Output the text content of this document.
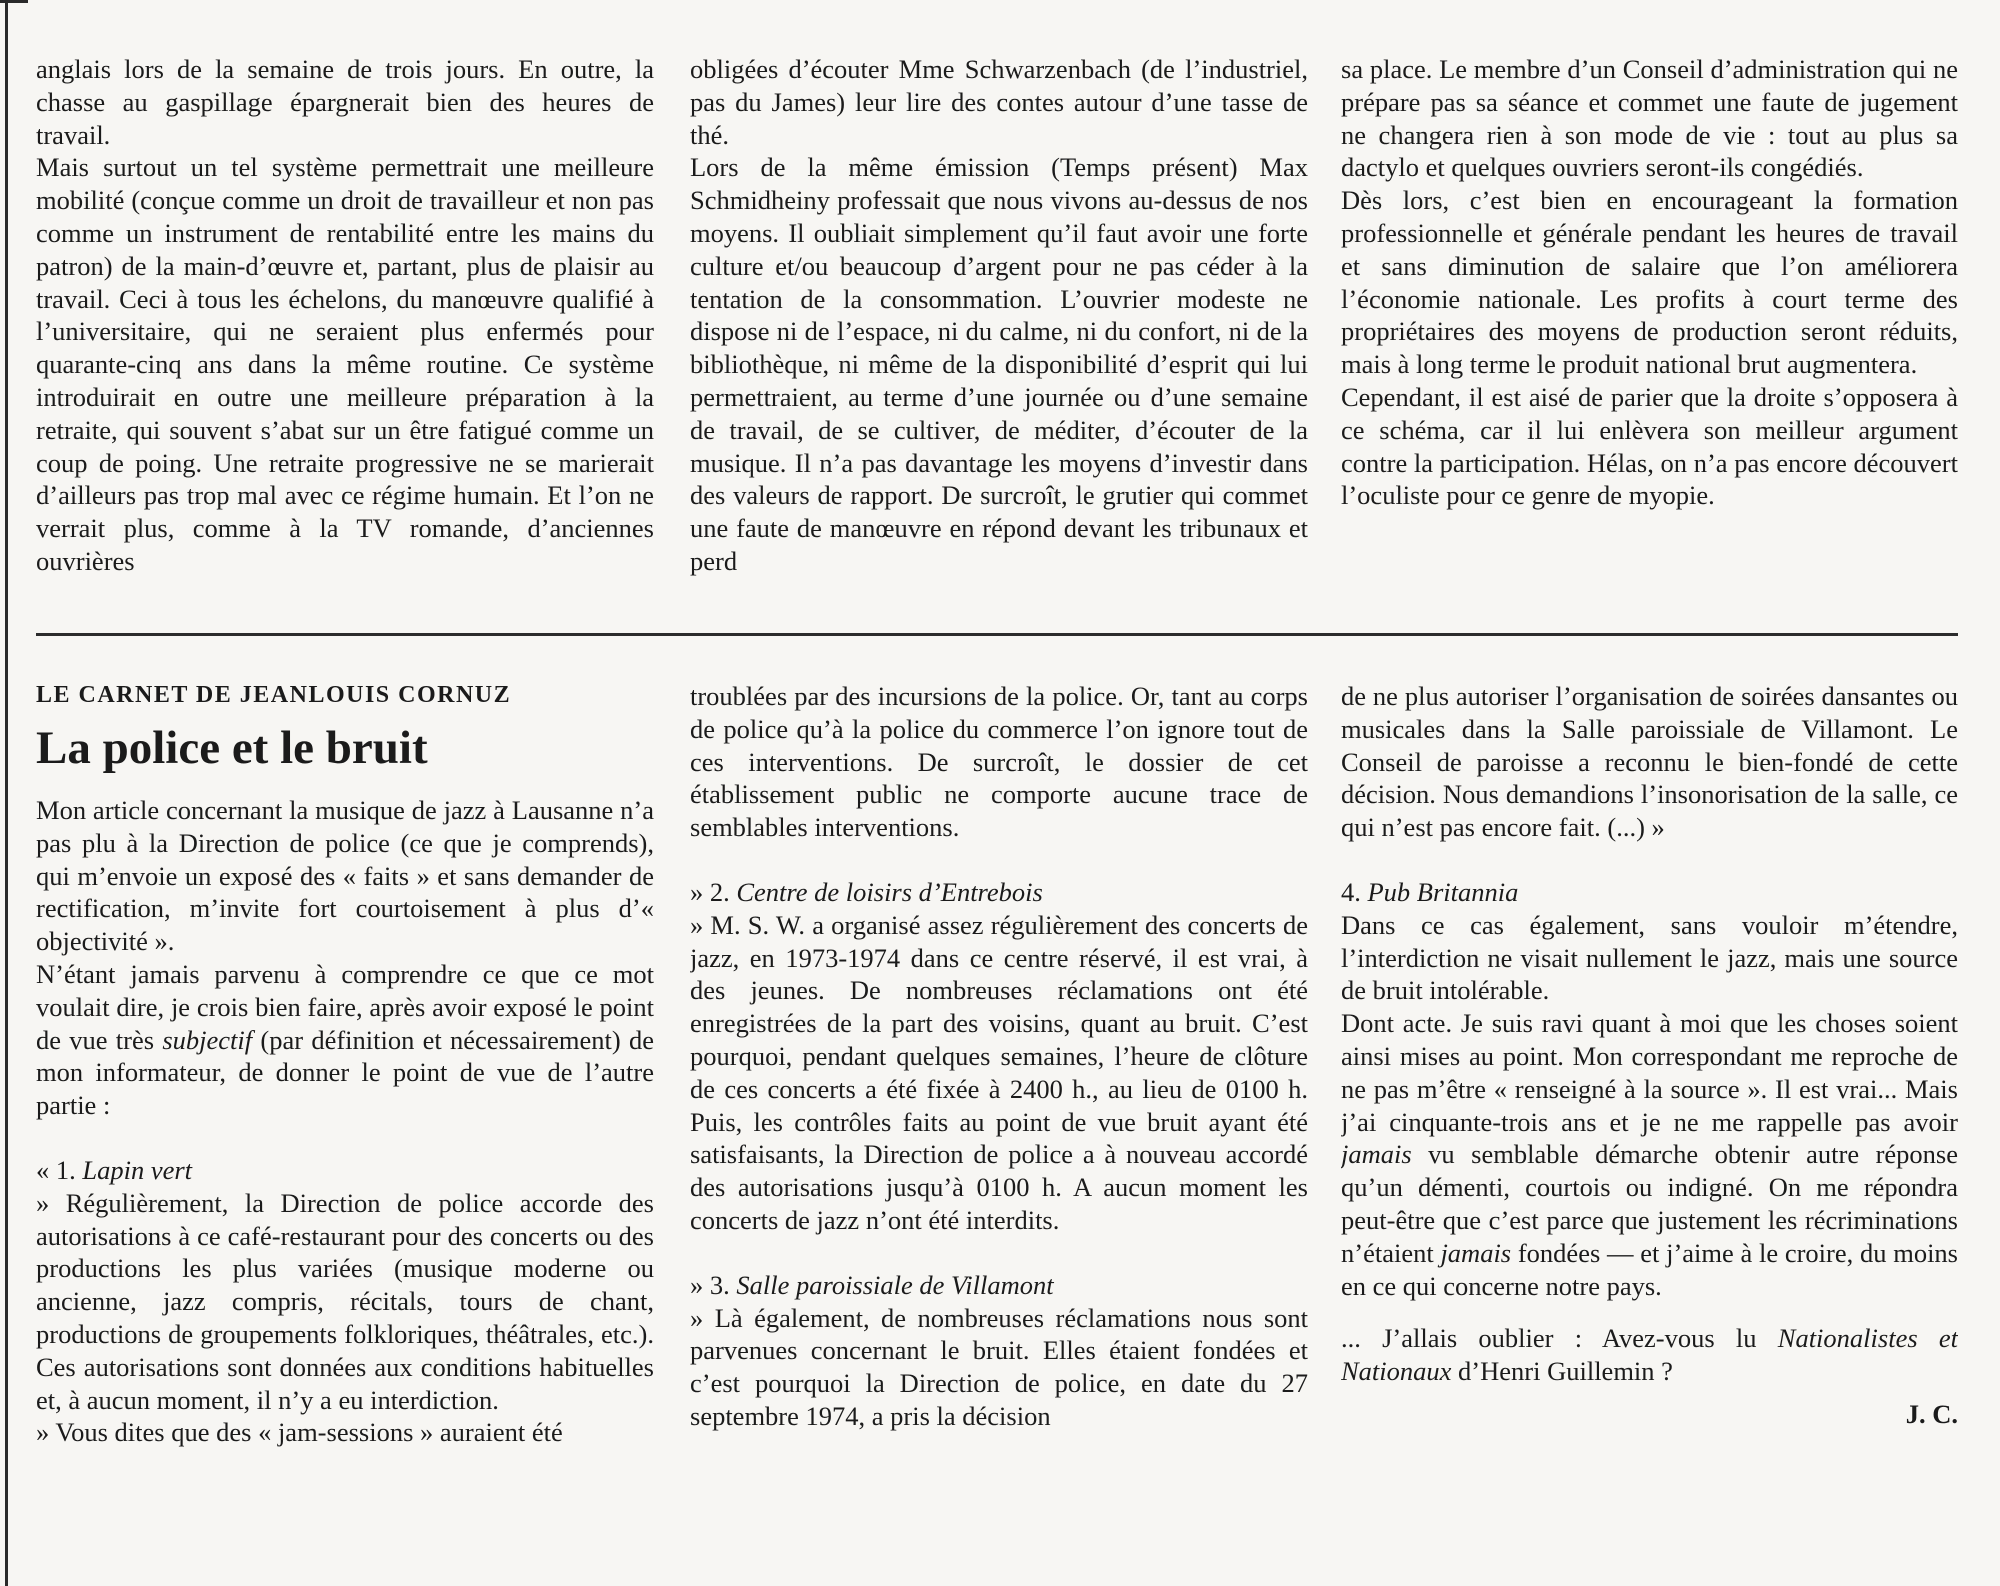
anglais lors de la semaine de trois jours. En outre, la chasse au gaspillage épargnerait bien des heures de travail.

Mais surtout un tel système permettrait une meilleure mobilité (conçue comme un droit de travailleur et non pas comme un instrument de rentabilité entre les mains du patron) de la main-d’œuvre et, partant, plus de plaisir au travail. Ceci à tous les échelons, du manœuvre qualifié à l’universitaire, qui ne seraient plus enfermés pour quarante-cinq ans dans la même routine. Ce système introduirait en outre une meilleure préparation à la retraite, qui souvent s’abat sur un être fatigué comme un coup de poing. Une retraite progressive ne se marierait d’ailleurs pas trop mal avec ce régime humain. Et l’on ne verrait plus, comme à la TV romande, d’anciennes ouvrières

obligées d’écouter Mme Schwarzenbach (de l’industriel, pas du James) leur lire des contes autour d’une tasse de thé.

Lors de la même émission (Temps présent) Max Schmidheiny professait que nous vivons au-dessus de nos moyens. Il oubliait simplement qu’il faut avoir une forte culture et/ou beaucoup d’argent pour ne pas céder à la tentation de la consommation. L’ouvrier modeste ne dispose ni de l’espace, ni du calme, ni du confort, ni de la bibliothèque, ni même de la disponibilité d’esprit qui lui permettraient, au terme d’une journée ou d’une semaine de travail, de se cultiver, de méditer, d’écouter de la musique. Il n’a pas davantage les moyens d’investir dans des valeurs de rapport. De surcroît, le grutier qui commet une faute de manœuvre en répond devant les tribunaux et perd

sa place. Le membre d’un Conseil d’administration qui ne prépare pas sa séance et commet une faute de jugement ne changera rien à son mode de vie : tout au plus sa dactylo et quelques ouvriers seront-ils congédiés.

Dès lors, c’est bien en encourageant la formation professionnelle et générale pendant les heures de travail et sans diminution de salaire que l’on améliorera l’économie nationale. Les profits à court terme des propriétaires des moyens de production seront réduits, mais à long terme le produit national brut augmentera.

Cependant, il est aisé de parier que la droite s’opposera à ce schéma, car il lui enlèvera son meilleur argument contre la participation. Hélas, on n’a pas encore découvert l’oculiste pour ce genre de myopie.

LE CARNET DE JEANLOUIS CORNUZ
La police et le bruit

Mon article concernant la musique de jazz à Lausanne n’a pas plu à la Direction de police (ce que je comprends), qui m’envoie un exposé des « faits » et sans demander de rectification, m’invite fort courtoisement à plus d’« objectivité ».

N’étant jamais parvenu à comprendre ce que ce mot voulait dire, je crois bien faire, après avoir exposé le point de vue très subjectif (par définition et nécessairement) de mon informateur, de donner le point de vue de l’autre partie :

« 1. Lapin vert

» Régulièrement, la Direction de police accorde des autorisations à ce café-restaurant pour des concerts ou des productions les plus variées (musique moderne ou ancienne, jazz compris, récitals, tours de chant, productions de groupements folkloriques, théâtrales, etc.). Ces autorisations sont données aux conditions habituelles et, à aucun moment, il n’y a eu interdiction.

» Vous dites que des « jam-sessions » auraient été

troublées par des incursions de la police. Or, tant au corps de police qu’à la police du commerce l’on ignore tout de ces interventions. De surcroît, le dossier de cet établissement public ne comporte aucune trace de semblables interventions.

» 2. Centre de loisirs d’Entrebois

» M. S. W. a organisé assez régulièrement des concerts de jazz, en 1973-1974 dans ce centre réservé, il est vrai, à des jeunes. De nombreuses réclamations ont été enregistrées de la part des voisins, quant au bruit. C’est pourquoi, pendant quelques semaines, l’heure de clôture de ces concerts a été fixée à 2400 h., au lieu de 0100 h. Puis, les contrôles faits au point de vue bruit ayant été satisfaisants, la Direction de police a à nouveau accordé des autorisations jusqu’à 0100 h. A aucun moment les concerts de jazz n’ont été interdits.

» 3. Salle paroissiale de Villamont

» Là également, de nombreuses réclamations nous sont parvenues concernant le bruit. Elles étaient fondées et c’est pourquoi la Direction de police, en date du 27 septembre 1974, a pris la décision

de ne plus autoriser l’organisation de soirées dansantes ou musicales dans la Salle paroissiale de Villamont. Le Conseil de paroisse a reconnu le bien-fondé de cette décision. Nous demandions l’insonorisation de la salle, ce qui n’est pas encore fait. (...) »

4. Pub Britannia

Dans ce cas également, sans vouloir m’étendre, l’interdiction ne visait nullement le jazz, mais une source de bruit intolérable.

Dont acte. Je suis ravi quant à moi que les choses soient ainsi mises au point. Mon correspondant me reproche de ne pas m’être « renseigné à la source ». Il est vrai... Mais j’ai cinquante-trois ans et je ne me rappelle pas avoir jamais vu semblable démarche obtenir autre réponse qu’un démenti, courtois ou indigné. On me répondra peut-être que c’est parce que justement les récriminations n’étaient jamais fondées — et j’aime à le croire, du moins en ce qui concerne notre pays.

... J’allais oublier : Avez-vous lu Nationalistes et Nationaux d’Henri Guillemin ?

J. C.
